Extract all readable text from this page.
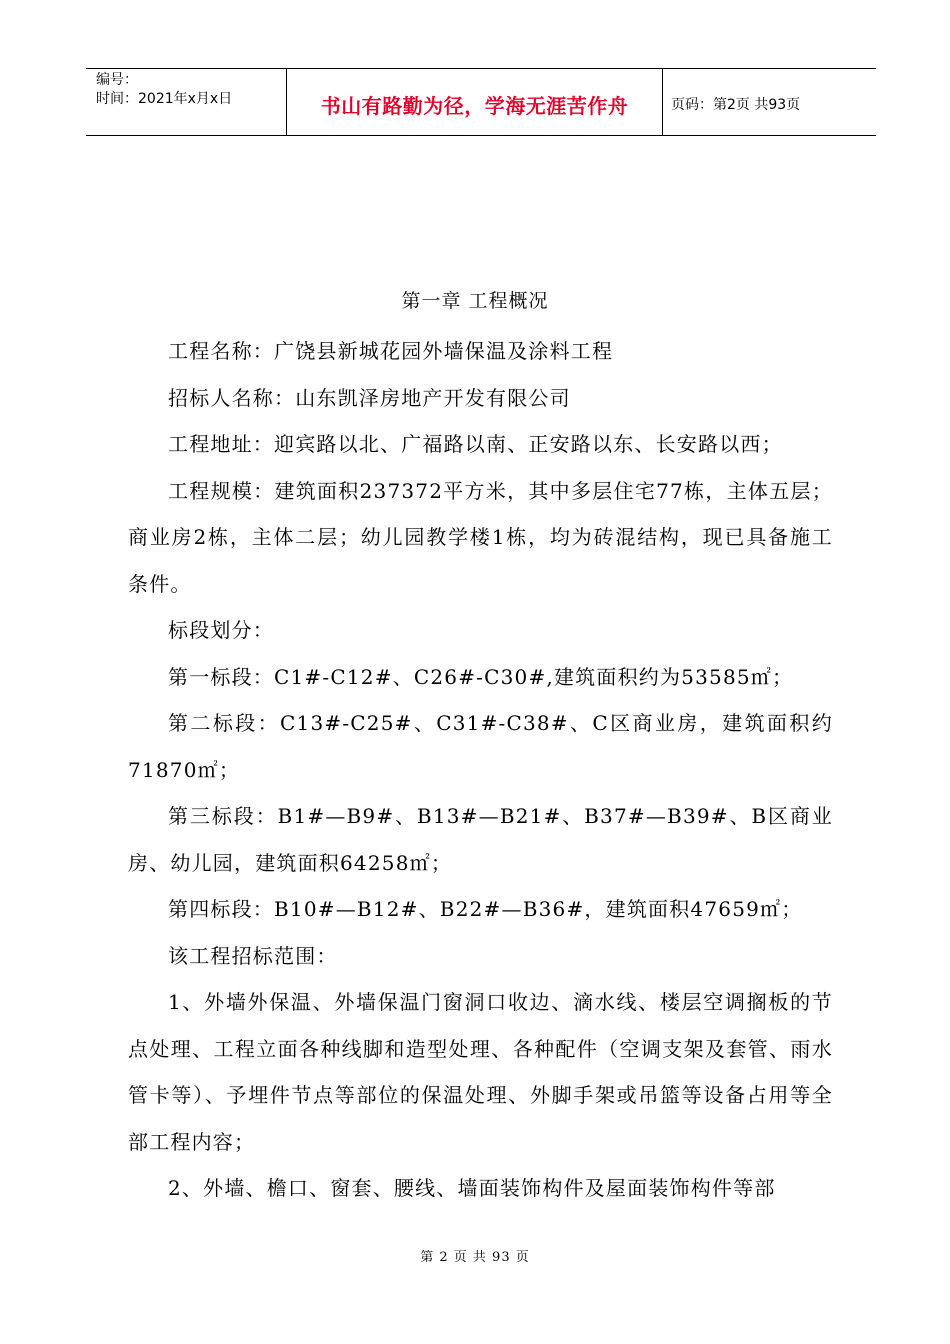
编号：
时间：2021年x月x日	书山有路勤为径，学海无涯苦作舟	页码：第2页 共93页
第一章 工程概况

工程名称：广饶县新城花园外墙保温及涂料工程

招标人名称：山东凯泽房地产开发有限公司

工程地址：迎宾路以北、广福路以南、正安路以东、长安路以西；

工程规模：建筑面积237372平方米，其中多层住宅77栋，主体五层；商业房2栋，主体二层；幼儿园教学楼1栋，均为砖混结构，现已具备施工条件。

标段划分：

第一标段：C1#-C12#、C26#-C30#,建筑面积约为53585㎡；

第二标段：C13#-C25#、C31#-C38#、C区商业房，建筑面积约71870㎡；

第三标段：B1#—B9#、B13#—B21#、B37#—B39#、B区商业房、幼儿园，建筑面积64258㎡；

第四标段：B10#—B12#、B22#—B36#，建筑面积47659㎡；

该工程招标范围：

1、外墙外保温、外墙保温门窗洞口收边、滴水线、楼层空调搁板的节点处理、工程立面各种线脚和造型处理、各种配件（空调支架及套管、雨水管卡等）、予埋件节点等部位的保温处理、外脚手架或吊篮等设备占用等全部工程内容；

2、外墙、檐口、窗套、腰线、墙面装饰构件及屋面装饰构件等部

第 2 页 共 93 页
